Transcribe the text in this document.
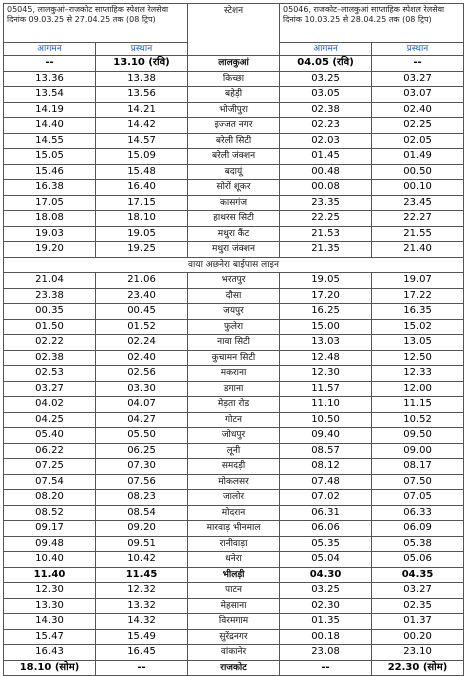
05045, लालकुआं–राजकोट साप्ताहिक स्पेशल रेलसेवा दिनांक 09.03.25 से 27.04.25 तक (08 ट्रिप)		स्टेशन	05046, राजकोट–लालकुआं साप्ताहिक स्पेशल रेलसेवा दिनांक 10.03.25 से 28.04.25 तक (08 ट्रिप)	
आगमन	प्रस्थान		आगमन	प्रस्थान
--	13.10 (रवि)	लालकुआं	04.05 (रवि)	--
13.36	13.38	किच्छा	03.25	03.27
13.54	13.56	बहेड़ी	03.05	03.07
14.19	14.21	भोजीपुरा	02.38	02.40
14.40	14.42	इज्जत नगर	02.23	02.25
14.55	14.57	बरेली सिटी	02.03	02.05
15.05	15.09	बरेली जंक्शन	01.45	01.49
15.46	15.48	बदायूं	00.48	00.50
16.38	16.40	सोरों शूकर	00.08	00.10
17.05	17.15	कासगंज	23.35	23.45
18.08	18.10	हाथरस सिटी	22.25	22.27
19.03	19.05	मथुरा कैंट	21.53	21.55
19.20	19.25	मथुरा जंक्शन	21.35	21.40
वाया अछनेरा बाईपास लाइन				
21.04	21.06	भरतपुर	19.05	19.07
23.38	23.40	दौसा	17.20	17.22
00.35	00.45	जयपुर	16.25	16.35
01.50	01.52	फुलेरा	15.00	15.02
02.22	02.24	नावा सिटी	13.03	13.05
02.38	02.40	कुचामन सिटी	12.48	12.50
02.53	02.56	मकराना	12.30	12.33
03.27	03.30	डगाना	11.57	12.00
04.02	04.07	मेड़ता रोड	11.10	11.15
04.25	04.27	गोटन	10.50	10.52
05.40	05.50	जोधपुर	09.40	09.50
06.22	06.25	लूनी	08.57	09.00
07.25	07.30	समदड़ी	08.12	08.17
07.54	07.56	मोकलसर	07.48	07.50
08.20	08.23	जालोर	07.02	07.05
08.52	08.54	मोदरान	06.31	06.33
09.17	09.20	मारवाड़ भीनमाल	06.06	06.09
09.48	09.51	रानीवाड़ा	05.35	05.38
10.40	10.42	धनेरा	05.04	05.06
11.40	11.45	भीलड़ी	04.30	04.35
12.30	12.32	पाटन	03.25	03.27
13.30	13.32	मेहसाना	02.30	02.35
14.30	14.32	विरमगाम	01.35	01.37
15.47	15.49	सुरेंद्रनगर	00.18	00.20
16.43	16.45	वांकानेर	23.08	23.10
18.10 (सोम)	--	राजकोट	--	22.30 (सोम)
